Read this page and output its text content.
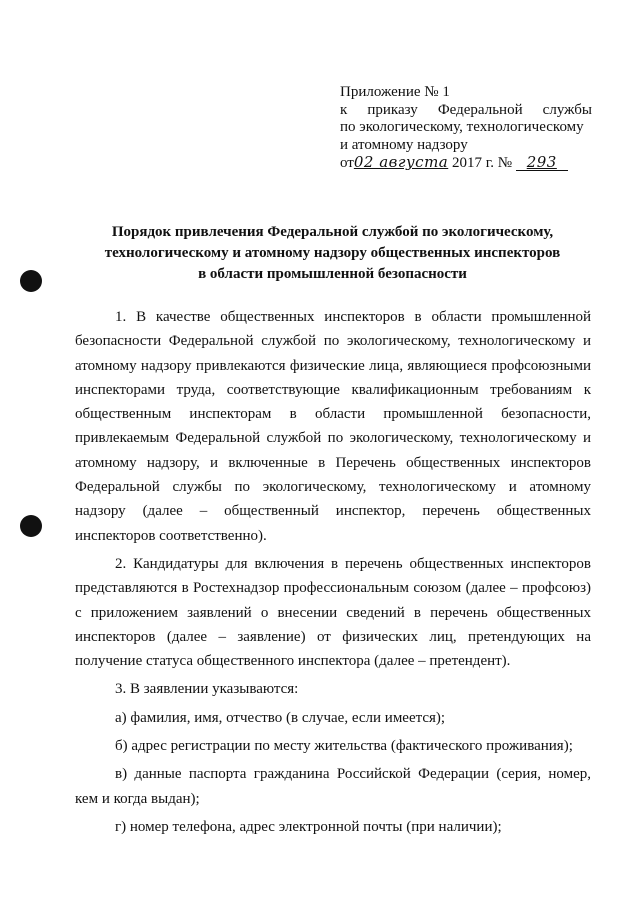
Приложение № 1
к приказу Федеральной службы
по экологическому, технологическому
и атомному надзору
от02 августа 2017 г. № 293
Порядок привлечения Федеральной службой по экологическому,
технологическому и атомному надзору общественных инспекторов
в области промышленной безопасности

1. В качестве общественных инспекторов в области промышленной безопасности Федеральной службой по экологическому, технологическому и атомному надзору привлекаются физические лица, являющиеся профсоюзными инспекторами труда, соответствующие квалификационным требованиям к общественным инспекторам в области промышленной безопасности, привлекаемым Федеральной службой по экологическому, технологическому и атомному надзору, и включенные в Перечень общественных инспекторов Федеральной службы по экологическому, технологическому и атомному надзору (далее – общественный инспектор, перечень общественных инспекторов соответственно).

2. Кандидатуры для включения в перечень общественных инспекторов представляются в Ростехнадзор профессиональным союзом (далее – профсоюз) с приложением заявлений о внесении сведений в перечень общественных инспекторов (далее – заявление) от физических лиц, претендующих на получение статуса общественного инспектора (далее – претендент).

3. В заявлении указываются:

а) фамилия, имя, отчество (в случае, если имеется);

б) адрес регистрации по месту жительства (фактического проживания);

в) данные паспорта гражданина Российской Федерации (серия, номер, кем и когда выдан);

г) номер телефона, адрес электронной почты (при наличии);
